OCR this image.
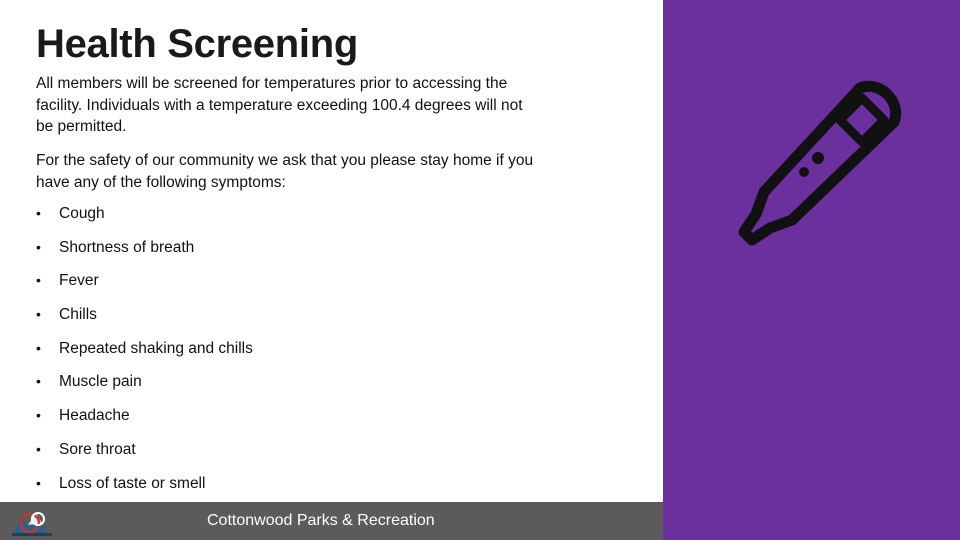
Health Screening

All members will be screened for temperatures prior to accessing the facility. Individuals with a temperature exceeding 100.4 degrees will not be permitted.

For the safety of our community we ask that you please stay home if you have any of the following symptoms:

•	Cough
•	Shortness of breath
•	Fever
•	Chills
•	Repeated shaking and chills
•	Muscle pain
•	Headache
•	Sore throat
•	Loss of taste or smell
Cottonwood Parks & Recreation
